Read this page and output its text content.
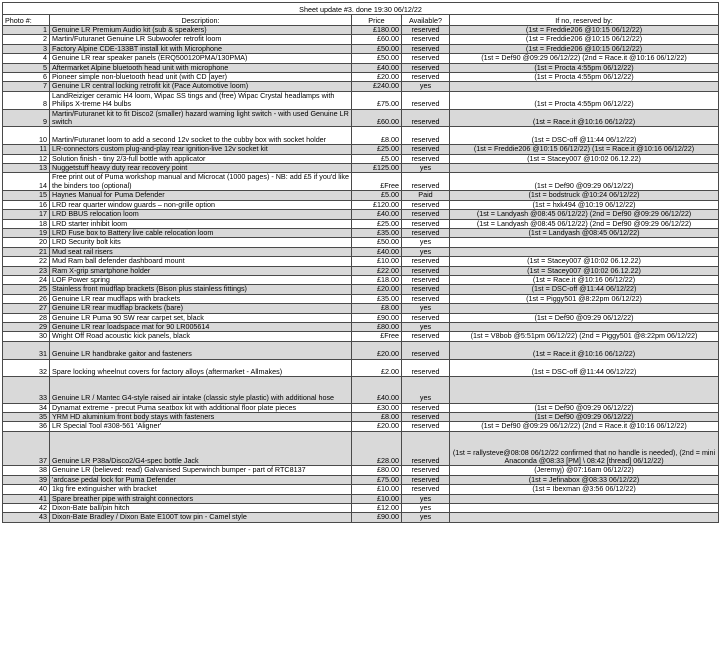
Sheet update #3. done 19:30 06/12/22				
Photo #:	Description:	Price	Available?	If no, reserved by:
1	Genuine LR Premium Audio kit (sub & speakers)	£180.00	reserved	(1st = Freddie206 @10:15 06/12/22)
2	Martin/Futuranet Genuine LR Subwoofer retrofit loom	£60.00	reserved	(1st = Freddie206 @10:15 06/12/22)
3	Factory Alpine CDE-133BT install kit with Microphone	£50.00	reserved	(1st = Freddie206 @10:15 06/12/22)
4	Genuine LR rear speaker panels (ERQ500120PMA/130PMA)	£50.00	reserved	(1st = Def90 @09:29 06/12/22) (2nd = Race.it @10:16 06/12/22)
5	Aftermarket Alpine bluetooth head unit with microphone	£40.00	reserved	(1st = Procta 4:55pm 06/12/22)
6	Pioneer simple non-bluetooth head unit (with CD [ayer)	£20.00	reserved	(1st = Procta 4:55pm 06/12/22)
7	Genuine LR central locking retrofit kit (Pace Automotive loom)	£240.00	yes	
8	LandReiziger ceramic H4 loom, Wipac SS tings and (free) Wipac Crystal headlamps with Philips X-treme H4 bulbs	£75.00	reserved	(1st = Procta 4:55pm 06/12/22)
9	Martin/Futuranet kit to fit Disco2 (smaller) hazard warning light switch - with used Genuine LR switch	£60.00	reserved	(1st = Race.it @10:16 06/12/22)
10	Martin/Futuranet loom to add a second 12v socket to the cubby box with socket holder	£8.00	reserved	(1st = DSC-off @11:44 06/12/22)
11	LR-connectors custom plug-and-play rear ignition-live 12v socket kit	£25.00	reserved	(1st = Freddie206 @10:15 06/12/22) (1st = Race.it @10:16 06/12/22)
12	Solution finish - tiny 2/3-full bottle with applicator	£5.00	reserved	(1st = Stacey007 @10:02 06.12.22)
13	Nuggetstuff heavy duty rear recovery point	£125.00	yes	
14	Free print out of Puma workshop manual and Microcat (1000 pages) - NB: add £5 if you'd like the binders too (optional)	£Free	reserved	(1st = Def90 @09:29 06/12/22)
15	Haynes Manual for Puma Defender	£5.00	Paid	(1st = bodstruck @10:24 06/12/22)
16	LRD rear quarter window guards – non-grille option	£120.00	reserved	(1st = hxk494 @10:19 06/12/22)
17	LRD BBUS relocation loom	£40.00	reserved	(1st = Landyash @08:45 06/12/22) (2nd = Def90 @09:29 06/12/22)
18	LRD starter inhibit loom	£25.00	reserved	(1st = Landyash @08:45 06/12/22) (2nd = Def90 @09:29 06/12/22)
19	LRD Fuse box to Battery live cable relocation loom	£35.00	reserved	(1st = Landyash @08:45 06/12/22)
20	LRD Security bolt kits	£50.00	yes	
21	Mud seat rail risers	£40.00	yes	
22	Mud Ram ball defender dashboard mount	£10.00	reserved	(1st = Stacey007 @10:02 06.12.22)
23	Ram X-grip smartphone holder	£22.00	reserved	(1st = Stacey007 @10:02 06.12.22)
24	LOF Power spring	£18.00	reserved	(1st = Race.it @10:16 06/12/22)
25	Stainless front mudflap brackets (Bison plus stainless fittings)	£20.00	reserved	(1st = DSC-off @11:44 06/12/22)
26	Genuine LR rear mudflaps with brackets	£35.00	reserved	(1st = Piggy501 @8:22pm 06/12/22)
27	Genuine LR rear mudflap brackets (bare)	£8.00	yes	
28	Genuine LR Puma 90 SW rear carpet set, black	£90.00	reserved	(1st = Def90 @09:29 06/12/22)
29	Genuine LR rear loadspace mat for 90 LR005614	£80.00	yes	
30	Wright Off Road acoustic kick panels, black	£Free	reserved	(1st = V8bob @5:51pm 06/12/22) (2nd = Piggy501 @8:22pm 06/12/22)
31	Genuine LR handbrake gaitor and fasteners	£20.00	reserved	(1st = Race.it @10:16 06/12/22)
32	Spare locking wheelnut covers for factory alloys (aftermarket - Allmakes)	£2.00	reserved	(1st = DSC-off @11:44 06/12/22)
33	Genuine LR / Mantec G4-style raised air intake (classic style plastic) with additional hose	£40.00	yes	
34	Dynamat extreme - precut Puma seatbox kit with additional floor plate pieces	£30.00	reserved	(1st = Def90 @09:29 06/12/22)
35	YRM HD aluminium front body stays with fasteners	£8.00	reserved	(1st = Def90 @09:29 06/12/22)
36	LR Special Tool #308-561 'Aligner'	£20.00	reserved	(1st = Def90 @09:29 06/12/22) (2nd = Race.it @10:16 06/12/22)
37	Genuine LR P38a/Disco2/G4-spec bottle Jack	£28.00	reserved	(1st = rallysteve@08:08 06/12/22 confirmed that no handle is needed), (2nd = mini Anaconda @08:33 [PM] \ 08:42 [thread] 06/12/22)
38	Genuine LR (believed: read) Galvanised Superwinch bumper - part of RTC8137	£80.00	reserved	(Jeremyj) @07:16am 06/12/22)
39	'ardcase pedal lock for Puma Defender	£75.00	reserved	(1st = Jefinabox @08:33 06/12/22)
40	1kg fire extinguisher with bracket	£10.00	reserved	(1st = Ibexman @3:56 06/12/22)
41	Spare breather pipe with straight connectors	£10.00	yes	
42	Dixon-Bate ball/pin hitch	£12.00	yes	
43	Dixon-Bate Bradley / Dixon Bate E100T tow pin - Camel style	£90.00	yes	
